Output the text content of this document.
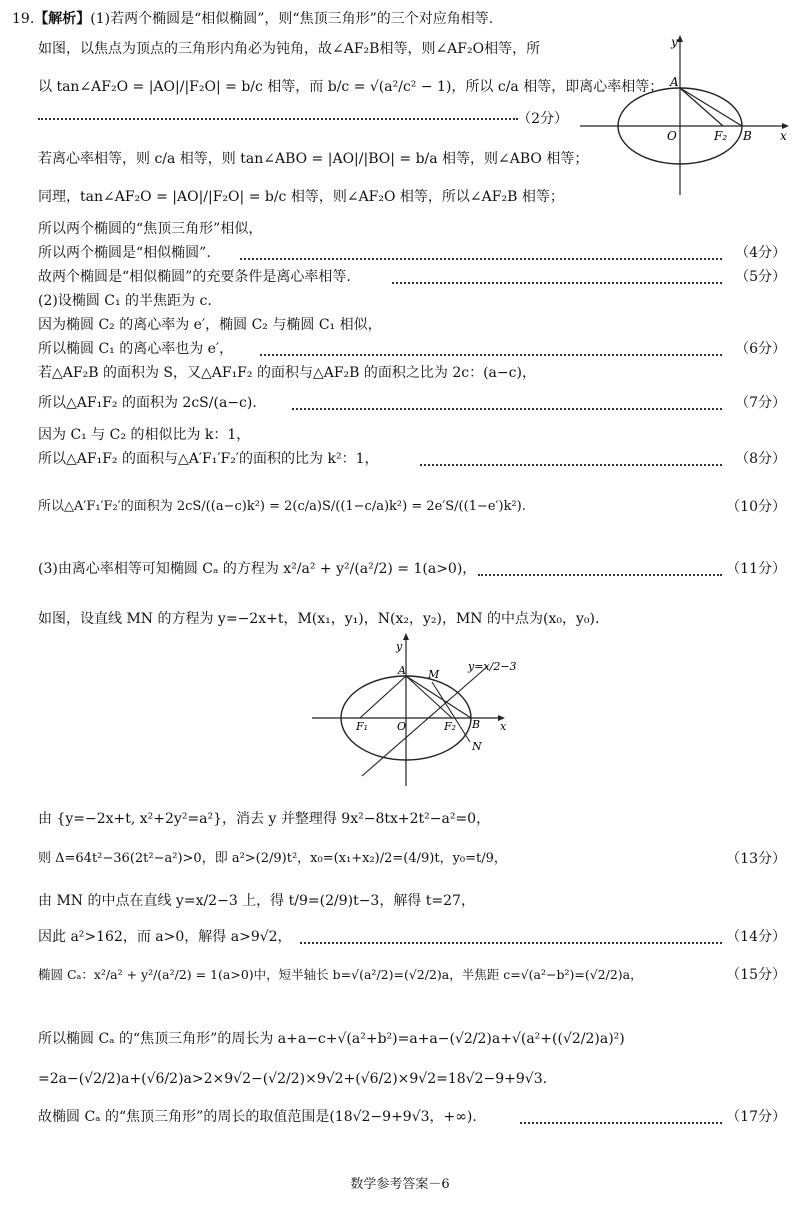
19.【解析】(1)若两个椭圆是“相似椭圆”，则“焦顶三角形”的三个对应角相等.
如图，以焦点为顶点的三角形内角必为钝角，故∠AF₂B相等，则∠AF₂O相等，所
以 tan∠AF₂O = |AO|/|F₂O| = b/c 相等，而 b/c = √(a²/c² − 1)，所以 c/a 相等，即离心率相等；
（2分）
若离心率相等，则 c/a 相等，则 tan∠ABO = |AO|/|BO| = b/a 相等，则∠ABO 相等；
同理，tan∠AF₂O = |AO|/|F₂O| = b/c 相等，则∠AF₂O 相等，所以∠AF₂B 相等；
所以两个椭圆的“焦顶三角形”相似，
所以两个椭圆是“相似椭圆”.	（4分）
故两个椭圆是“相似椭圆”的充要条件是离心率相等.	（5分）
(2)设椭圆 C₁ 的半焦距为 c.
因为椭圆 C₂ 的离心率为 e′，椭圆 C₂ 与椭圆 C₁ 相似，
所以椭圆 C₁ 的离心率也为 e′，	（6分）
若△AF₂B 的面积为 S，又△AF₁F₂ 的面积与△AF₂B 的面积之比为 2c：(a−c)，
所以△AF₁F₂ 的面积为 2cS/(a−c).	（7分）
因为 C₁ 与 C₂ 的相似比为 k：1，
所以△AF₁F₂ 的面积与△A′F₁′F₂′的面积的比为 k²：1，	（8分）
所以△A′F₁′F₂′的面积为 2cS/((a−c)k²) = 2(c/a)S/((1−c/a)k²) = 2e′S/((1−e′)k²).	（10分）
(3)由离心率相等可知椭圆 Cₐ 的方程为 x²/a² + y²/(a²/2) = 1(a>0)，	（11分）
如图，设直线 MN 的方程为 y=−2x+t，M(x₁，y₁)，N(x₂，y₂)，MN 的中点为(x₀，y₀).
由 {y=−2x+t, x²+2y²=a²}，消去 y 并整理得 9x²−8tx+2t²−a²=0，
则 Δ=64t²−36(2t²−a²)>0，即 a²>(2/9)t²，x₀=(x₁+x₂)/2=(4/9)t，y₀=t/9，	（13分）
由 MN 的中点在直线 y=x/2−3 上，得 t/9=(2/9)t−3，解得 t=27，
因此 a²>162，而 a>0，解得 a>9√2，	（14分）
椭圆 Cₐ：x²/a² + y²/(a²/2) = 1(a>0)中，短半轴长 b=√(a²/2)=(√2/2)a，半焦距 c=√(a²−b²)=(√2/2)a，	（15分）
所以椭圆 Cₐ 的“焦顶三角形”的周长为 a+a−c+√(a²+b²)=a+a−(√2/2)a+√(a²+((√2/2)a)²)
=2a−(√2/2)a+(√6/2)a>2×9√2−(√2/2)×9√2+(√6/2)×9√2=18√2−9+9√3.
故椭圆 Cₐ 的“焦顶三角形”的周长的取值范围是(18√2−9+9√3，+∞).	（17分）
y
A
O	F₂ B x
y
A M
F₁	O	F₂ B
N
x
y=x/2−3
数学参考答案－6
